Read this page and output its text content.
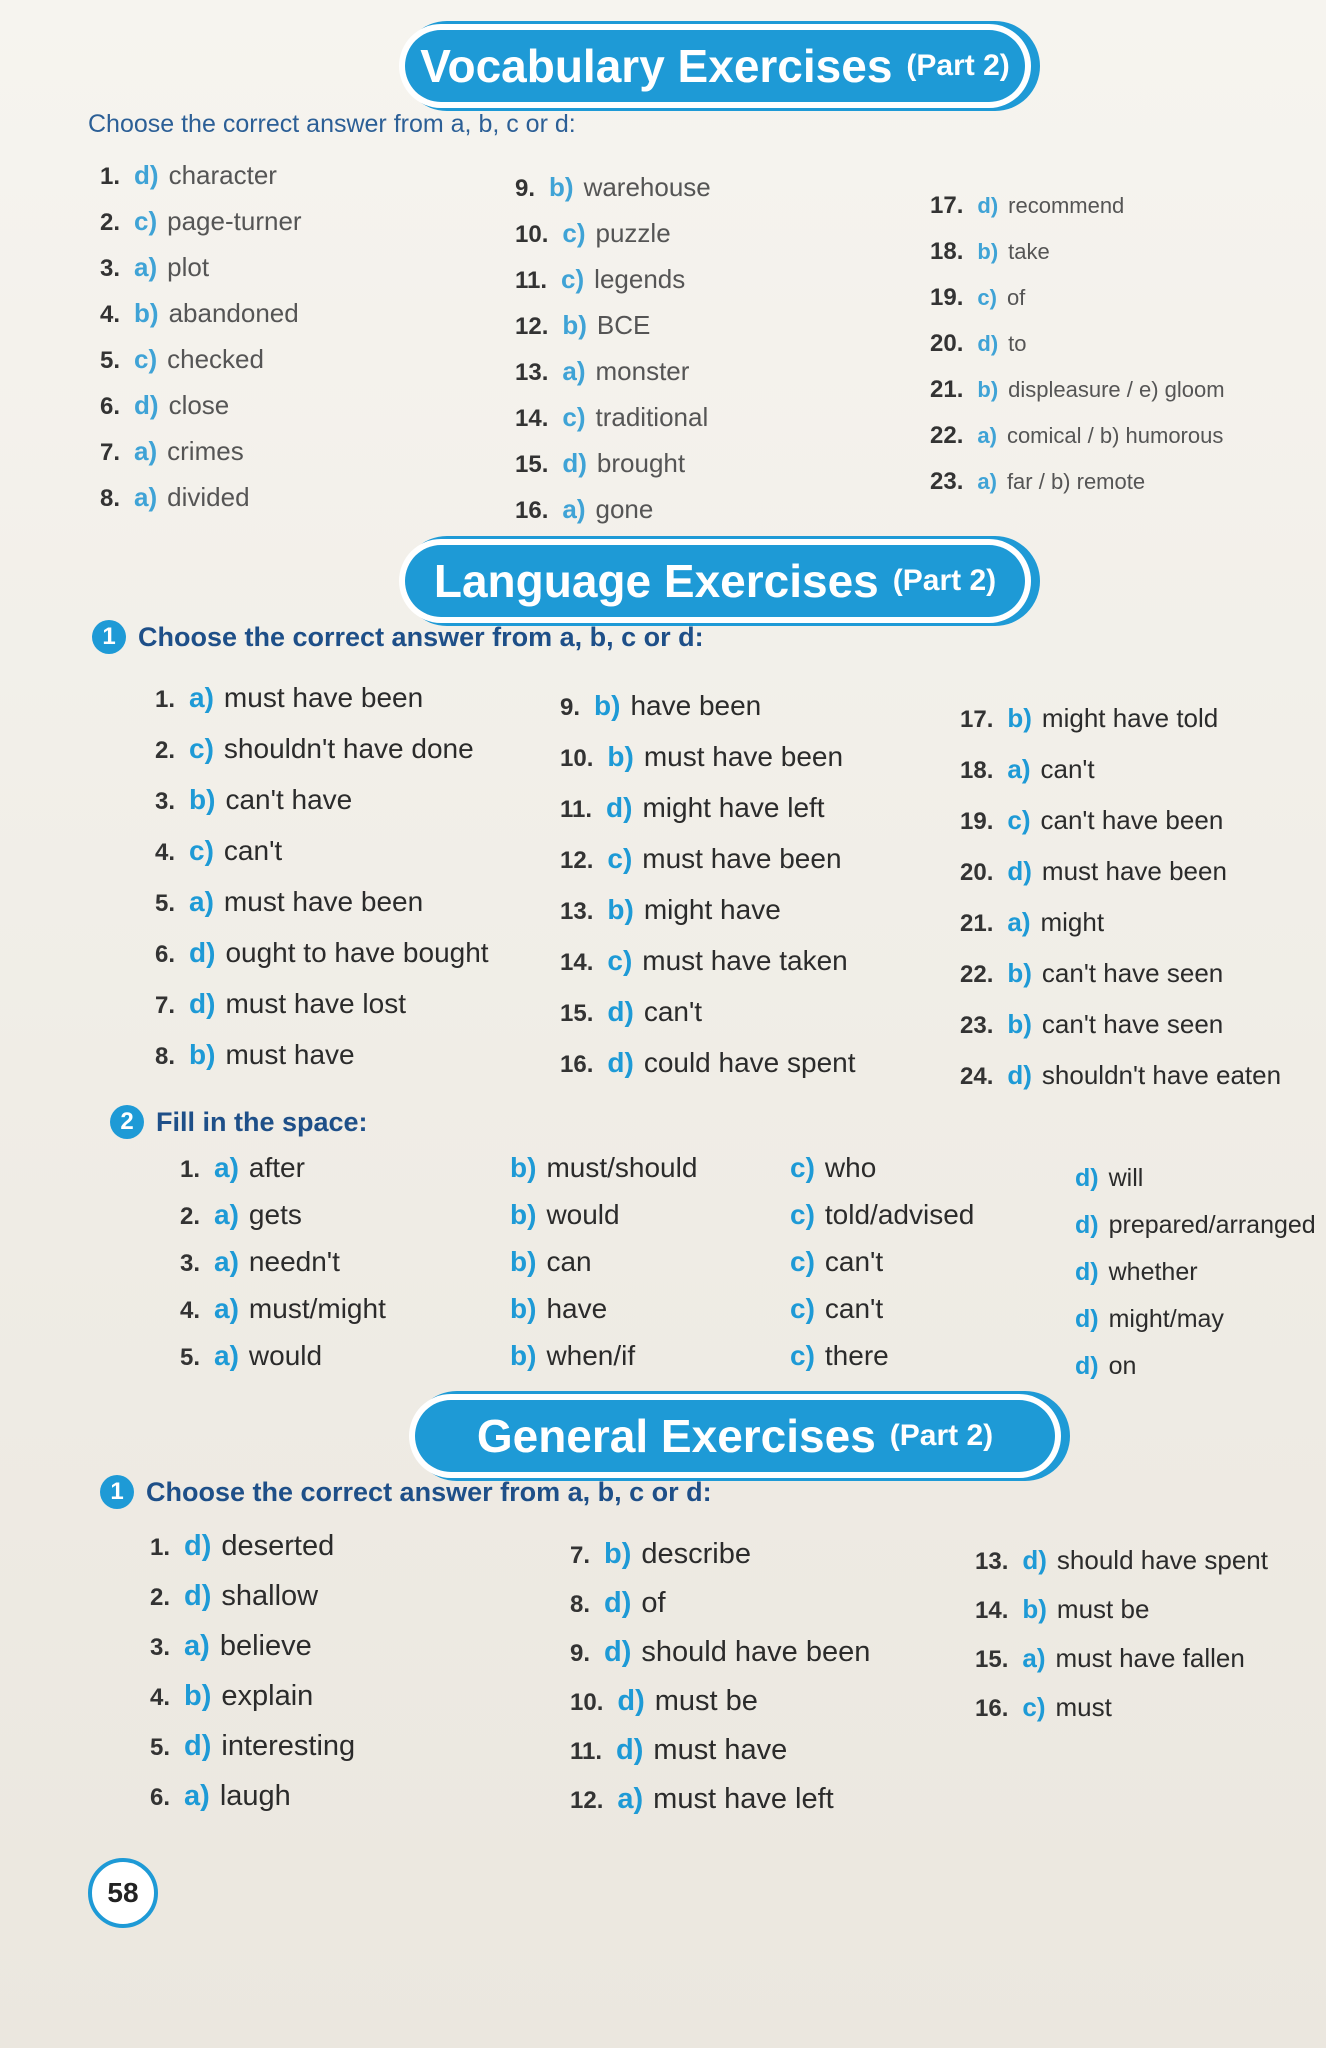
Vocabulary Exercises (Part 2)
Choose the correct answer from a, b, c or d:
1. d) character
2. c) page-turner
3. a) plot
4. b) abandoned
5. c) checked
6. d) close
7. a) crimes
8. a) divided
9. b) warehouse
10. c) puzzle
11. c) legends
12. b) BCE
13. a) monster
14. c) traditional
15. d) brought
16. a) gone
17. d) recommend
18. b) take
19. c) of
20. d) to
21. b) displeasure / e) gloom
22. a) comical / b) humorous
23. a) far / b) remote
Language Exercises (Part 2)
1 Choose the correct answer from a, b, c or d:
1. a) must have been
2. c) shouldn't have done
3. b) can't have
4. c) can't
5. a) must have been
6. d) ought to have bought
7. d) must have lost
8. b) must have
9. b) have been
10. b) must have been
11. d) might have left
12. c) must have been
13. b) might have
14. c) must have taken
15. d) can't
16. d) could have spent
17. b) might have told
18. a) can't
19. c) can't have been
20. d) must have been
21. a) might
22. b) can't have seen
23. b) can't have seen
24. d) shouldn't have eaten
2 Fill in the space:
1. a) after	b) must/should	c) who	d) will
2. a) gets	b) would	c) told/advised	d) prepared/arranged
3. a) needn't	b) can	c) can't	d) whether
4. a) must/might	b) have	c) can't	d) might/may
5. a) would	b) when/if	c) there	d) on
General Exercises (Part 2)
1 Choose the correct answer from a, b, c or d:
1. d) deserted
2. d) shallow
3. a) believe
4. b) explain
5. d) interesting
6. a) laugh
7. b) describe
8. d) of
9. d) should have been
10. d) must be
11. d) must have
12. a) must have left
13. d) should have spent
14. b) must be
15. a) must have fallen
16. c) must
58
